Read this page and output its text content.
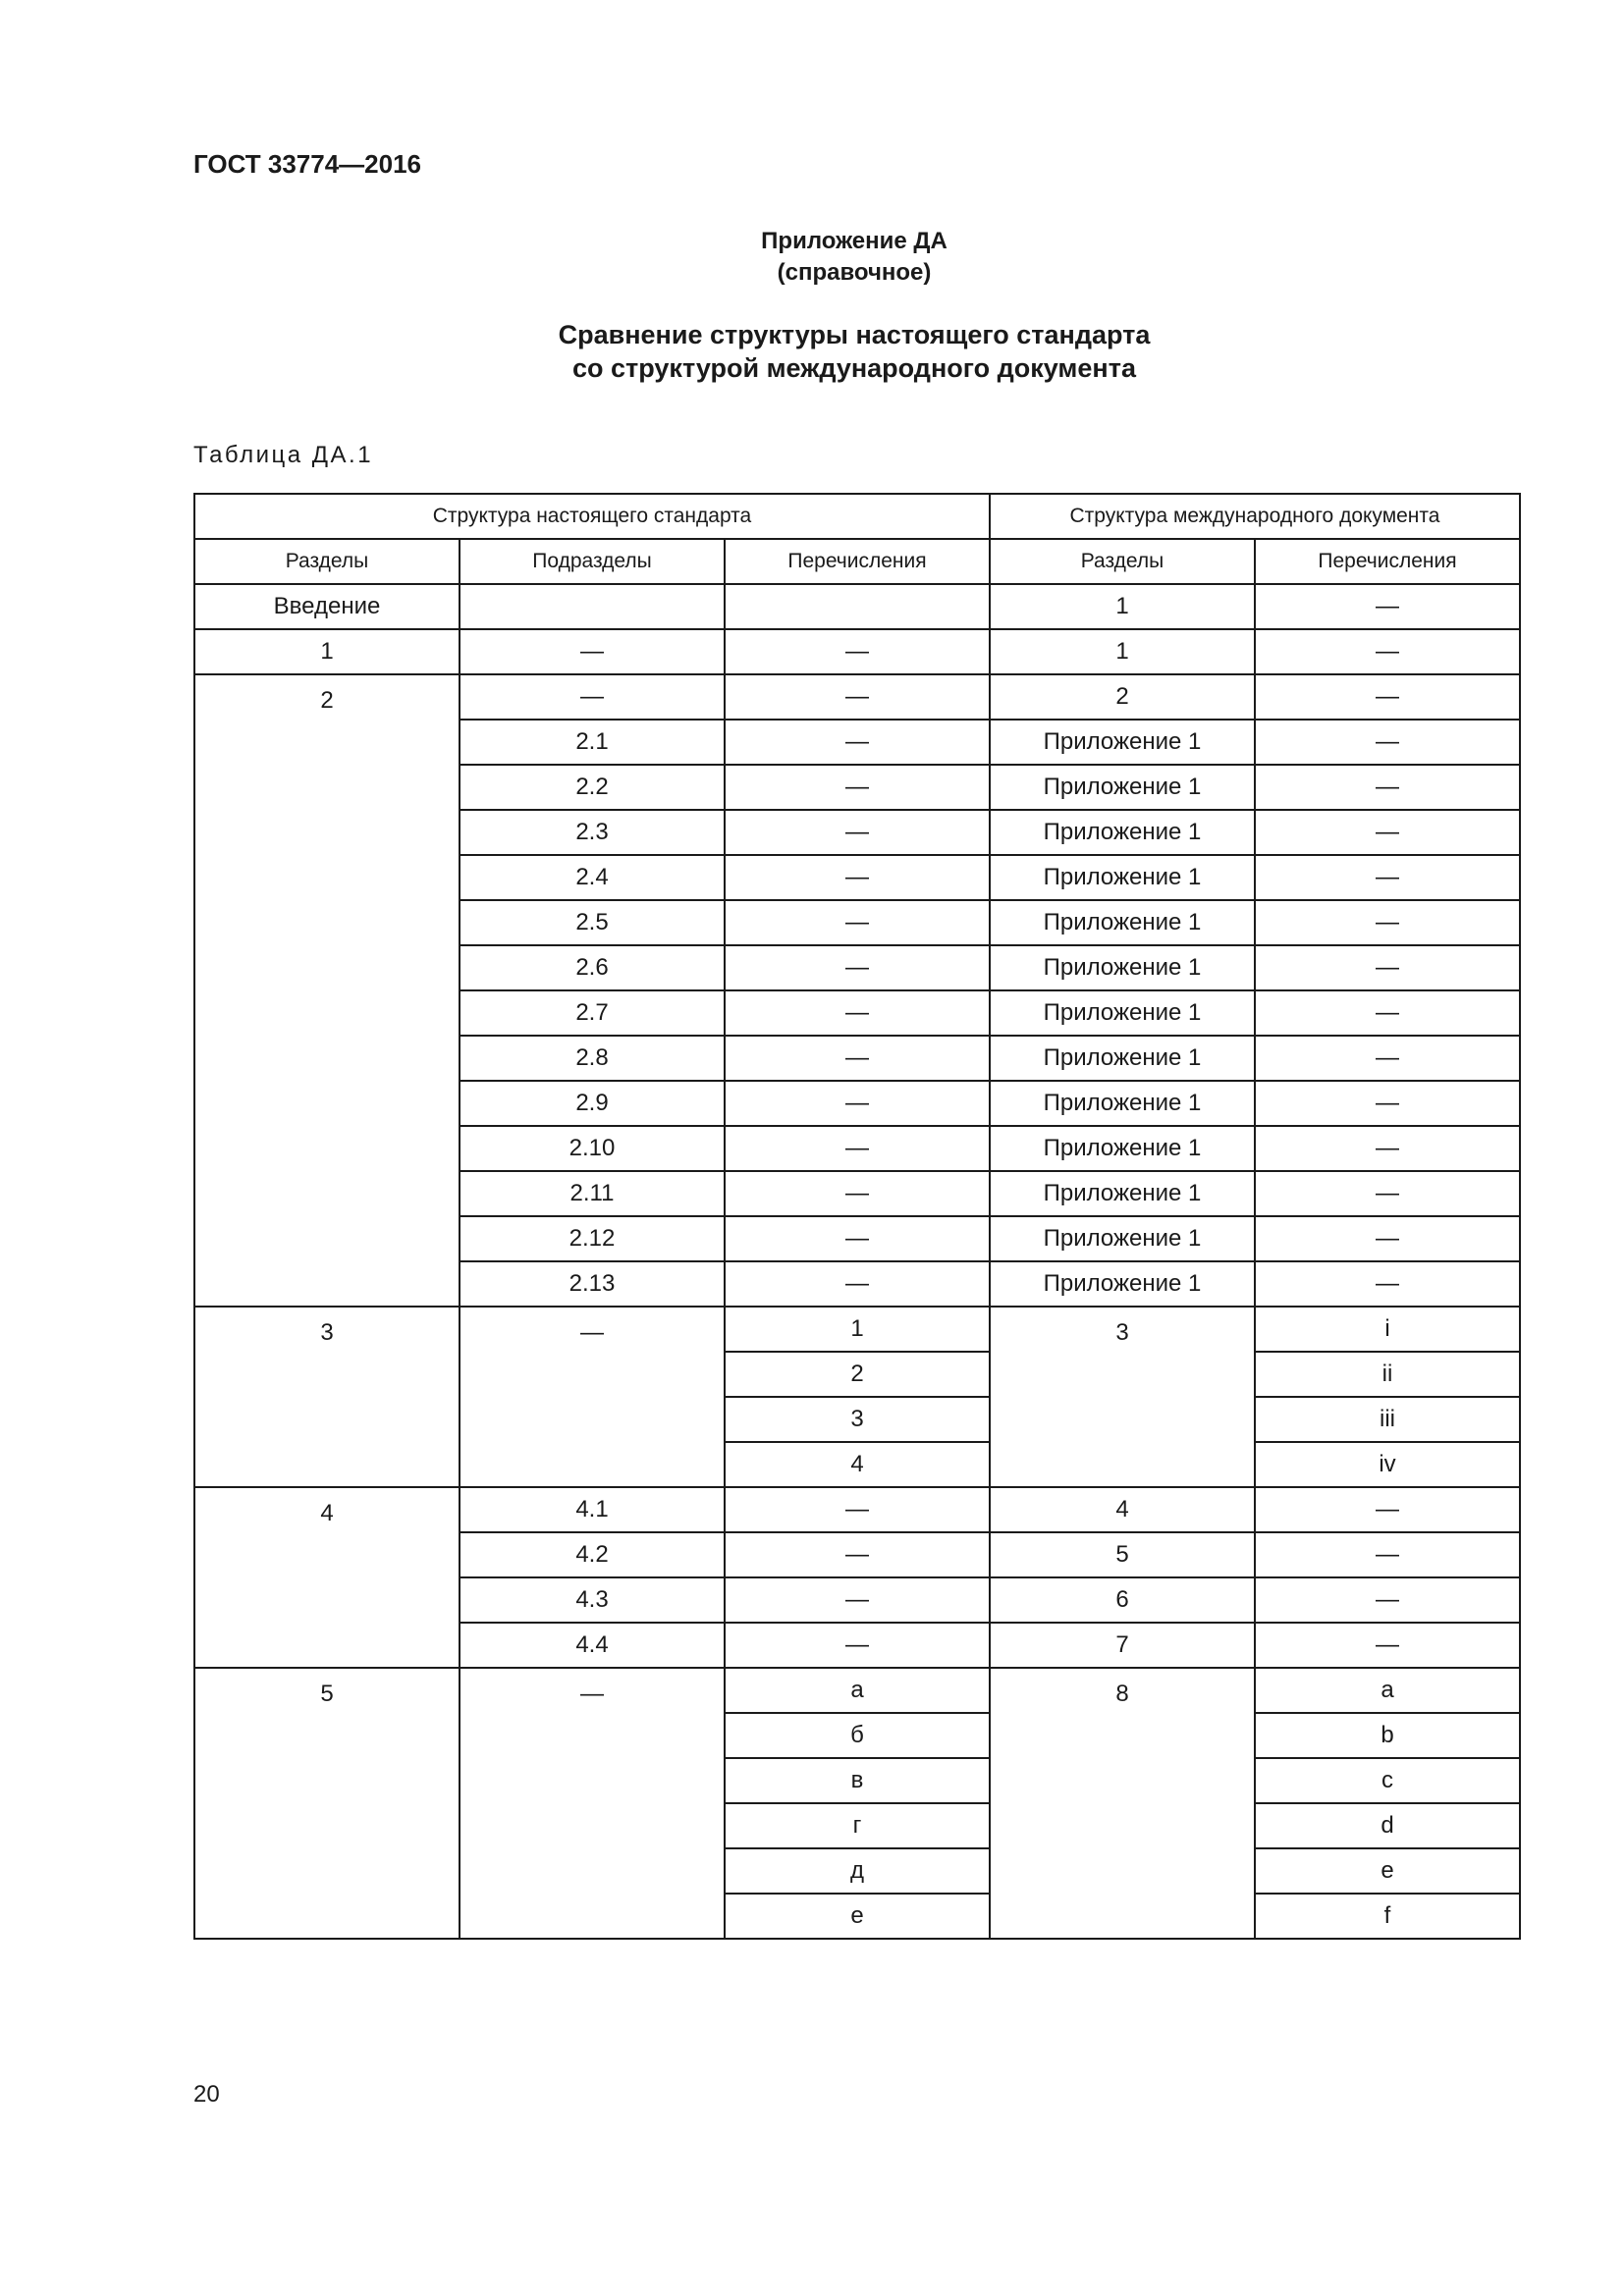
ГОСТ 33774—2016
Приложение ДА
(справочное)
Сравнение структуры настоящего стандарта
со структурой международного документа
Таблица ДА.1
Структура настоящего стандарта			Структура международного документа	
Разделы	Подразделы	Перечисления	Разделы	Перечисления
Введение			1	—
1	—	—	1	—
2	—	—	2	—
	2.1	—	Приложение 1	—
	2.2	—	Приложение 1	—
	2.3	—	Приложение 1	—
	2.4	—	Приложение 1	—
	2.5	—	Приложение 1	—
	2.6	—	Приложение 1	—
	2.7	—	Приложение 1	—
	2.8	—	Приложение 1	—
	2.9	—	Приложение 1	—
	2.10	—	Приложение 1	—
	2.11	—	Приложение 1	—
	2.12	—	Приложение 1	—
	2.13	—	Приложение 1	—
3	—	1	3	i
		2		ii
		3		iii
		4		iv
4	4.1	—	4	—
	4.2	—	5	—
	4.3	—	6	—
	4.4	—	7	—
5	—	а	8	a
		б		b
		в		c
		г		d
		д		e
		е		f
20
